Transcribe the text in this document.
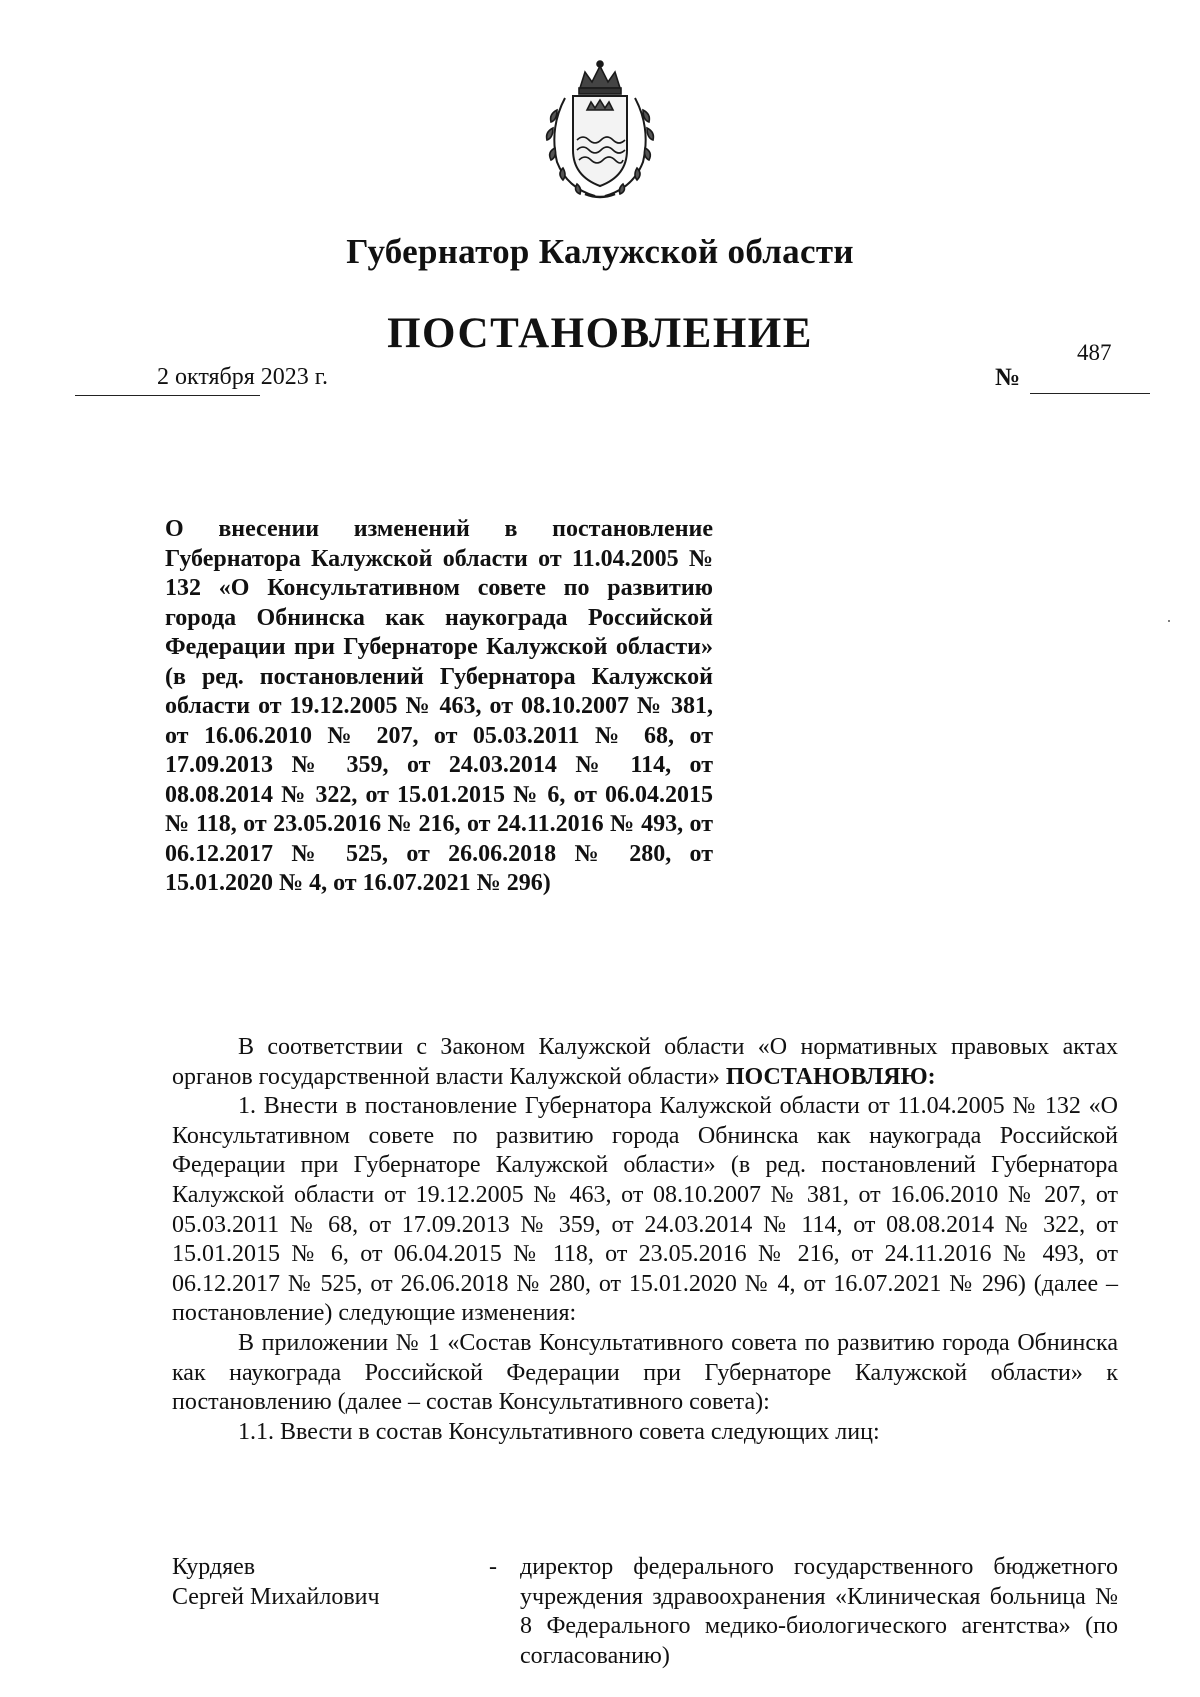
Губернатор Калужской области
ПОСТАНОВЛЕНИЕ
2 октября 2023 г.
487
№
О внесении изменений в постановление Губернатора Калужской области от 11.04.2005 № 132 «О Консультативном совете по развитию города Обнинска как наукограда Российской Федерации при Губернаторе Калужской области» (в ред. постановлений Губернатора Калужской области от 19.12.2005 № 463, от 08.10.2007 № 381, от 16.06.2010 № 207, от 05.03.2011 № 68, от 17.09.2013 № 359, от 24.03.2014 № 114, от 08.08.2014 № 322, от 15.01.2015 № 6, от 06.04.2015 № 118, от 23.05.2016 № 216, от 24.11.2016 № 493, от 06.12.2017 № 525, от 26.06.2018 № 280, от 15.01.2020 № 4, от 16.07.2021 № 296)

В соответствии с Законом Калужской области «О нормативных правовых актах органов государственной власти Калужской области» ПОСТАНОВЛЯЮ:

1. Внести в постановление Губернатора Калужской области от 11.04.2005 № 132 «О Консультативном совете по развитию города Обнинска как наукограда Российской Федерации при Губернаторе Калужской области» (в ред. постановлений Губернатора Калужской области от 19.12.2005 № 463, от 08.10.2007 № 381, от 16.06.2010 № 207, от 05.03.2011 № 68, от 17.09.2013 № 359, от 24.03.2014 № 114, от 08.08.2014 № 322, от 15.01.2015 № 6, от 06.04.2015 № 118, от 23.05.2016 № 216, от 24.11.2016 № 493, от 06.12.2017 № 525, от 26.06.2018 № 280, от 15.01.2020 № 4, от 16.07.2021 № 296) (далее – постановление) следующие изменения:

В приложении № 1 «Состав Консультативного совета по развитию города Обнинска как наукограда Российской Федерации при Губернаторе Калужской области» к постановлению (далее – состав Консультативного совета):

1.1. Ввести в состав Консультативного совета следующих лиц:

Курдяев
Сергей Михайлович
- директор федерального государственного бюджетного учреждения здравоохранения «Клиническая больница № 8 Федерального медико-биологического агентства» (по согласованию)
